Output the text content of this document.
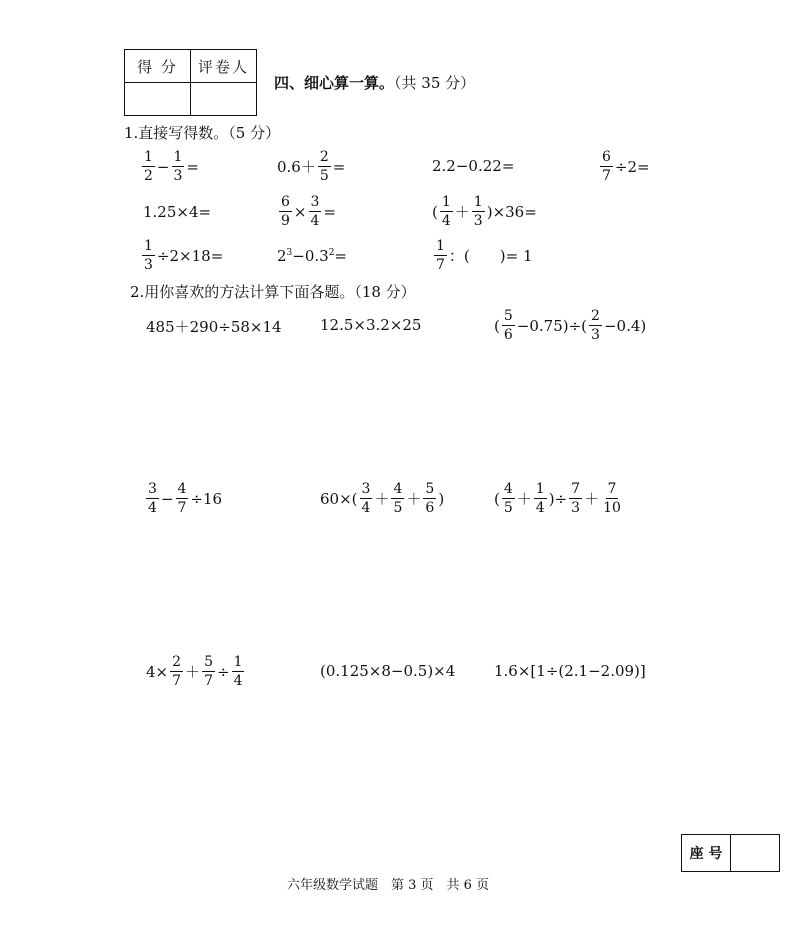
得 分	评卷人

四、细心算一算。（共 35 分）
1.直接写得数。（5 分）
$\frac{1}{2} - \frac{1}{3}$ =	$0.6+ \frac{2}{5}$ =	2.2−0.22=	$\frac{6}{7} \div 2=$
1.25×4=	$\frac{6}{9} \times \frac{3}{4}$ =	( $\frac{1}{4} + \frac{1}{3} )\times 36=$
$\frac{1}{3} \div 2\times 18=$	$2^3-0.3^2=$	$\frac{1}{7}$ ：(　　)= 1
2.用你喜欢的方法计算下面各题。（18 分）
485＋290÷58×14	12.5×3.2×25	( $\frac{5}{6} -0.75)\div( \frac{2}{3} -0.4)$
$\frac{3}{4} - \frac{4}{7} \div 16$	$60\times( \frac{3}{4} + \frac{4}{5} + \frac{5}{6}$ )	( $\frac{4}{5} + \frac{1}{4}$ )÷ $\frac{7}{3} + \frac{7}{10}$
$4\times \frac{2}{7} + \frac{5}{7} \div \frac{1}{4}$	(0.125×8−0.5)×4	1.6×[1÷(2.1−2.09)]
座 号	
六年级数学试题　第 3 页　共 6 页
